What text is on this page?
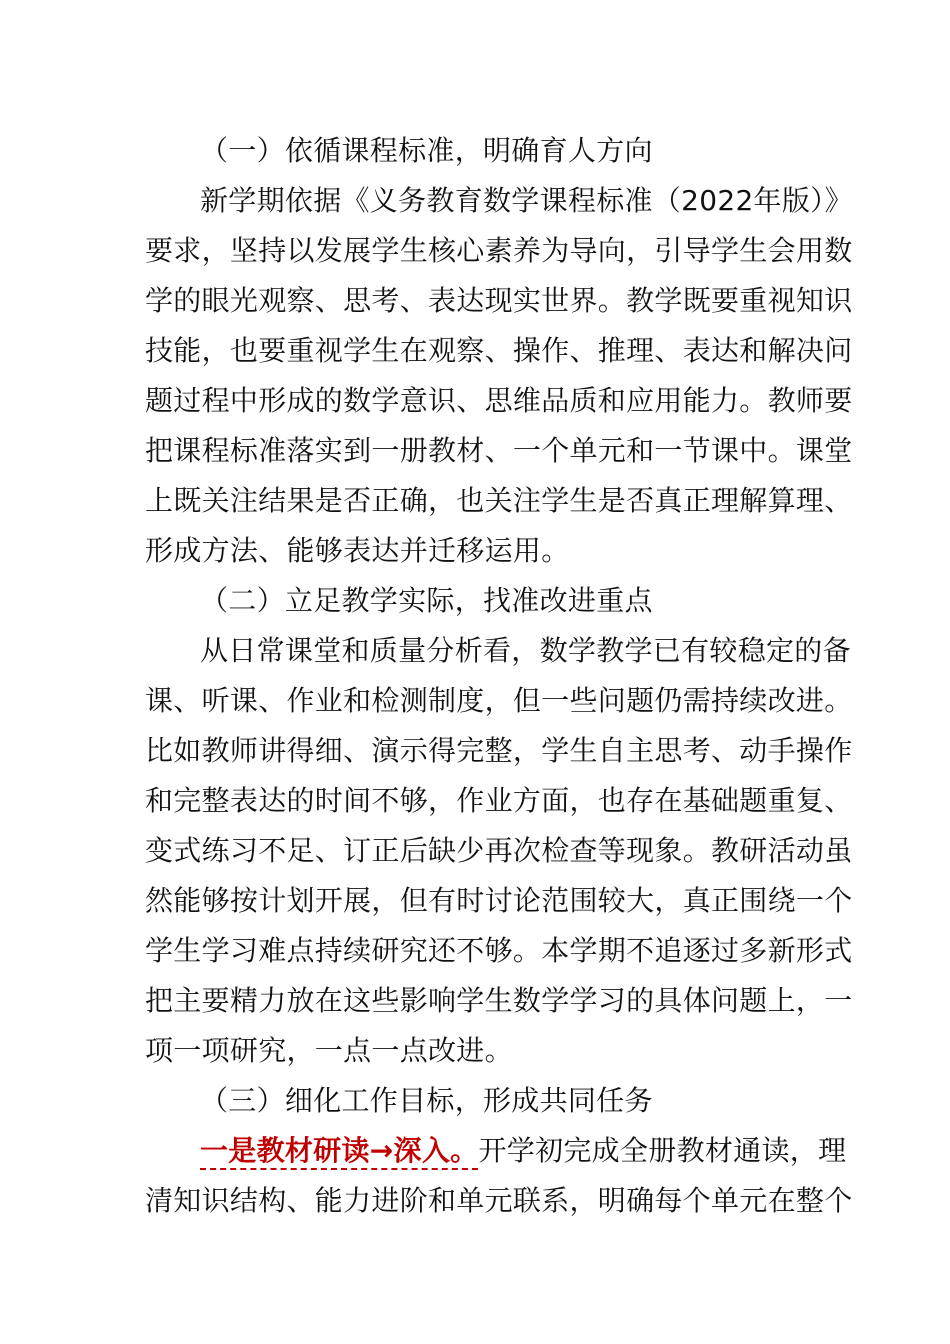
（一）依循课程标准，明确育人方向
新学期依据《义务教育数学课程标准（2022年版）》
要求，坚持以发展学生核心素养为导向，引导学生会用数
学的眼光观察、思考、表达现实世界。教学既要重视知识
技能，也要重视学生在观察、操作、推理、表达和解决问
题过程中形成的数学意识、思维品质和应用能力。教师要
把课程标准落实到一册教材、一个单元和一节课中。课堂
上既关注结果是否正确，也关注学生是否真正理解算理、
形成方法、能够表达并迁移运用。
（二）立足教学实际，找准改进重点
从日常课堂和质量分析看，数学教学已有较稳定的备
课、听课、作业和检测制度，但一些问题仍需持续改进。
比如教师讲得细、演示得完整，学生自主思考、动手操作
和完整表达的时间不够，作业方面，也存在基础题重复、
变式练习不足、订正后缺少再次检查等现象。教研活动虽
然能够按计划开展，但有时讨论范围较大，真正围绕一个
学生学习难点持续研究还不够。本学期不追逐过多新形式
把主要精力放在这些影响学生数学学习的具体问题上，一
项一项研究，一点一点改进。
（三）细化工作目标，形成共同任务
一是教材研读→深入。开学初完成全册教材通读，理
清知识结构、能力进阶和单元联系，明确每个单元在整个
